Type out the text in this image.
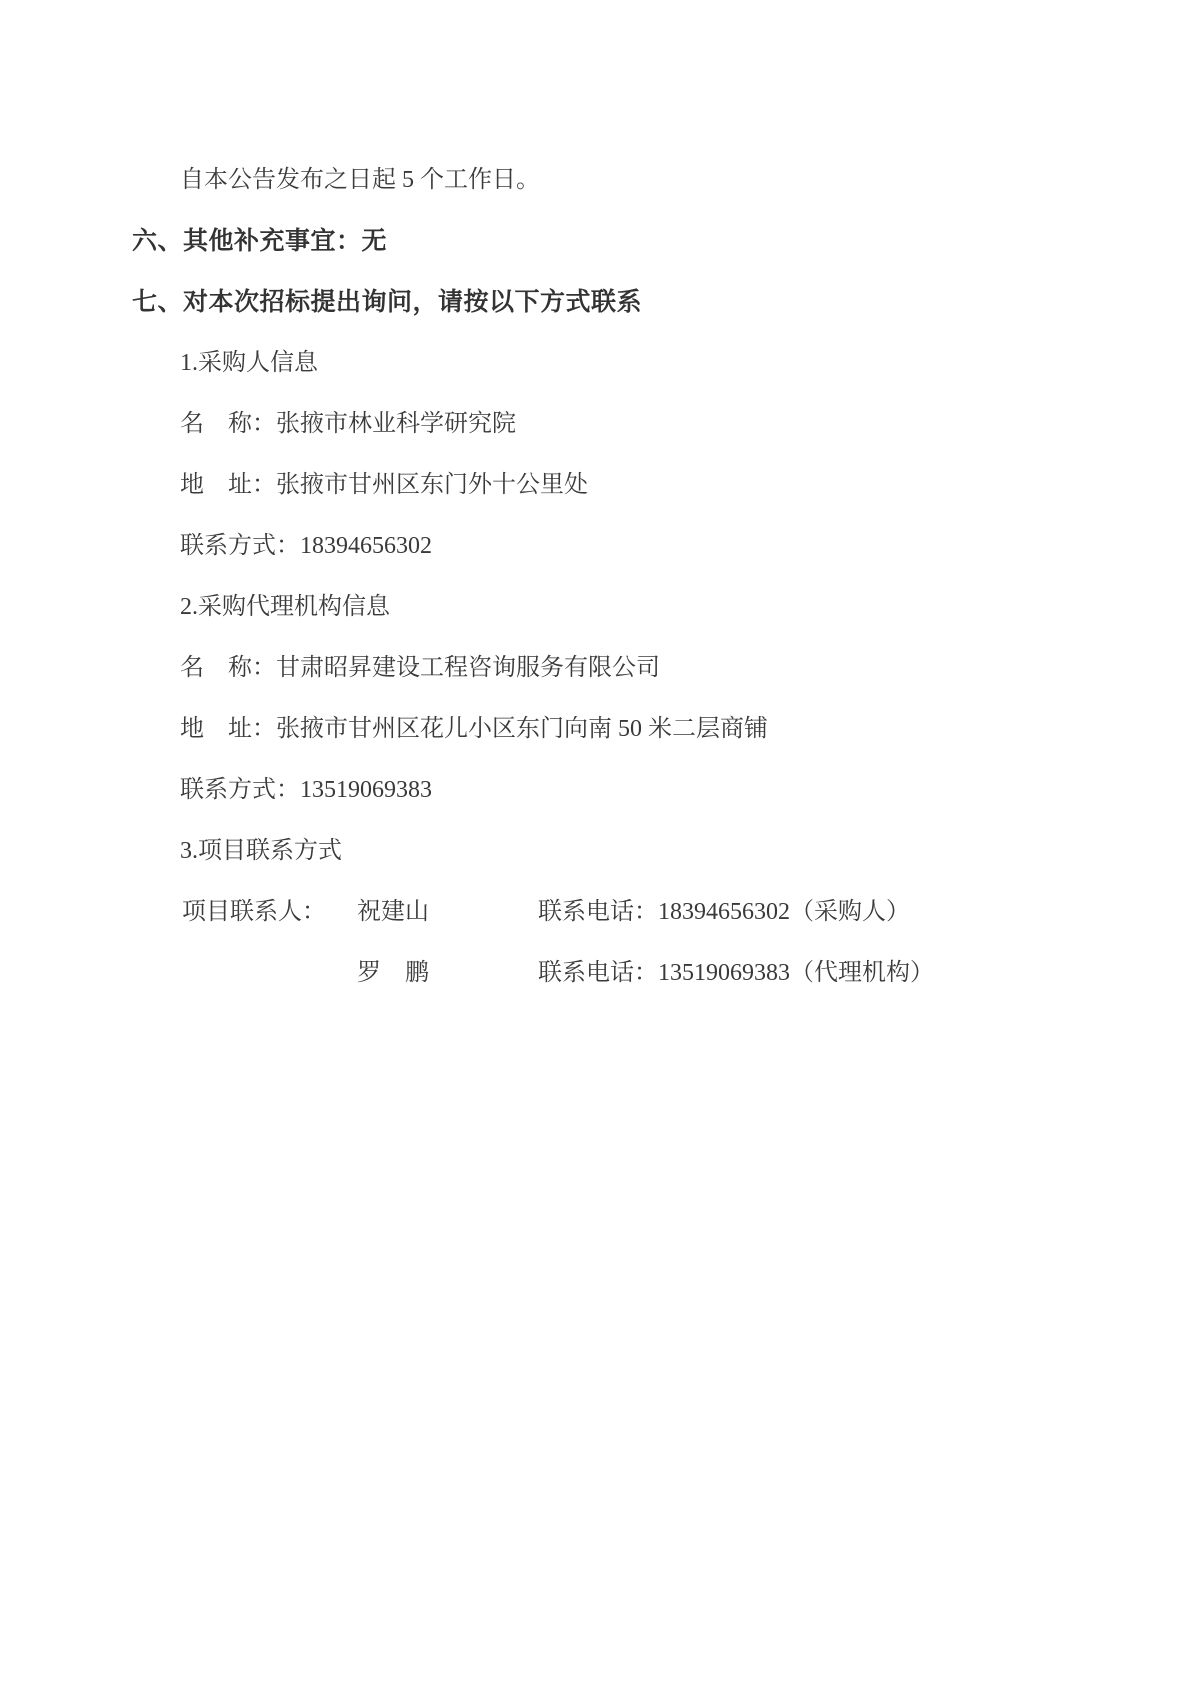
自本公告发布之日起 5 个工作日。

六、其他补充事宜：无

七、对本次招标提出询问，请按以下方式联系

1.采购人信息

名　称：张掖市林业科学研究院

地　址：张掖市甘州区东门外十公里处

联系方式：18394656302

2.采购代理机构信息

名　称：甘肃昭昇建设工程咨询服务有限公司

地　址：张掖市甘州区花儿小区东门向南 50 米二层商铺

联系方式：13519069383

3.项目联系方式

项目联系人：

祝建山

	联系电话：18394656302（采购人）

罗　鹏

	联系电话：13519069383（代理机构）
